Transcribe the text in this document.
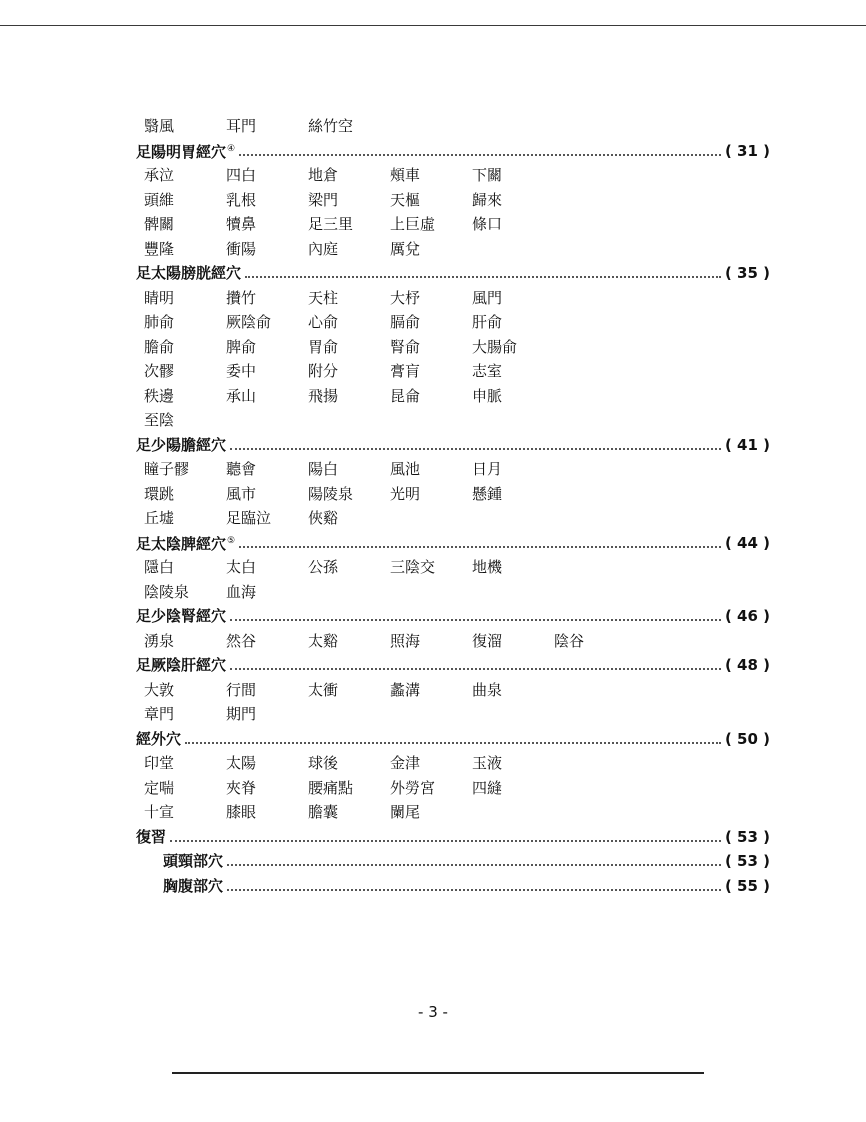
翳風	耳門	絲竹空
足陽明胃經穴④	( 31 )
承泣	四白	地倉	頰車	下關
頭維	乳根	梁門	天樞	歸來
髀關	犢鼻	足三里	上巨虛	條口
豐隆	衝陽	內庭	厲兌
足太陽膀胱經穴	( 35 )
睛明	攢竹	天柱	大杼	風門
肺俞	厥陰俞	心俞	膈俞	肝俞
膽俞	脾俞	胃俞	腎俞	大腸俞
次髎	委中	附分	膏肓	志室
秩邊	承山	飛揚	昆侖	申脈
至陰
足少陽膽經穴	( 41 )
瞳子髎	聽會	陽白	風池	日月
環跳	風市	陽陵泉	光明	懸鍾
丘墟	足臨泣	俠谿
足太陰脾經穴⑤	( 44 )
隱白	太白	公孫	三陰交	地機
陰陵泉	血海
足少陰腎經穴	( 46 )
湧泉	然谷	太谿	照海	復溜	陰谷
足厥陰肝經穴	( 48 )
大敦	行間	太衝	蠡溝	曲泉
章門	期門
經外穴	( 50 )
印堂	太陽	球後	金津	玉液
定喘	夾脊	腰痛點	外勞宮	四縫
十宣	膝眼	膽囊	闌尾
復習	( 53 )
頭頸部穴	( 53 )
胸腹部穴	( 55 )
- 3 -
